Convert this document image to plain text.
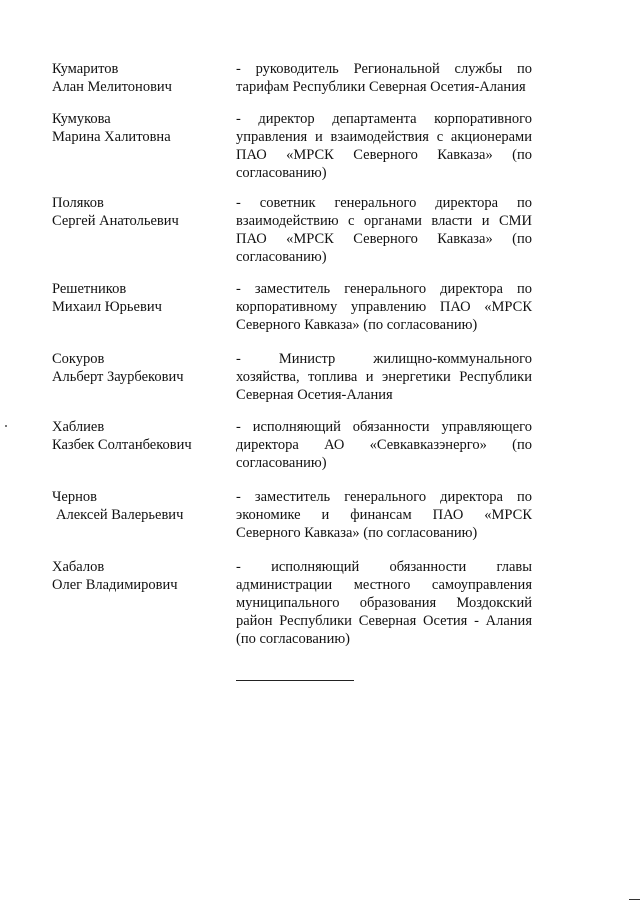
Кумаритов
Алан Мелитонович
- руководитель Региональной службы по
тарифам Республики Северная Осетия-Алания
Кумукова
Марина Халитовна
- директор департамента корпоративного
управления и взаимодействия с акционерами
ПАО «МРСК Северного Кавказа» (по
согласованию)
Поляков
Сергей Анатольевич
- советник генерального директора по
взаимодействию с органами власти и СМИ
ПАО «МРСК Северного Кавказа» (по
согласованию)
Решетников
Михаил Юрьевич
- заместитель генерального директора по
корпоративному управлению ПАО «МРСК
Северного Кавказа» (по согласованию)
Сокуров
Альберт Заурбекович
- Министр жилищно-коммунального
хозяйства, топлива и энергетики Республики
Северная Осетия-Алания
Хаблиев
Казбек Солтанбекович
- исполняющий обязанности управляющего
директора АО «Севкавказэнерго» (по
согласованию)
Чернов
Алексей Валерьевич
- заместитель генерального директора по
экономике и финансам ПАО «МРСК
Северного Кавказа» (по согласованию)
Хабалов
Олег Владимирович
- исполняющий обязанности главы
администрации местного самоуправления
муниципального образования Моздокский
район Республики Северная Осетия - Алания
(по согласованию)
